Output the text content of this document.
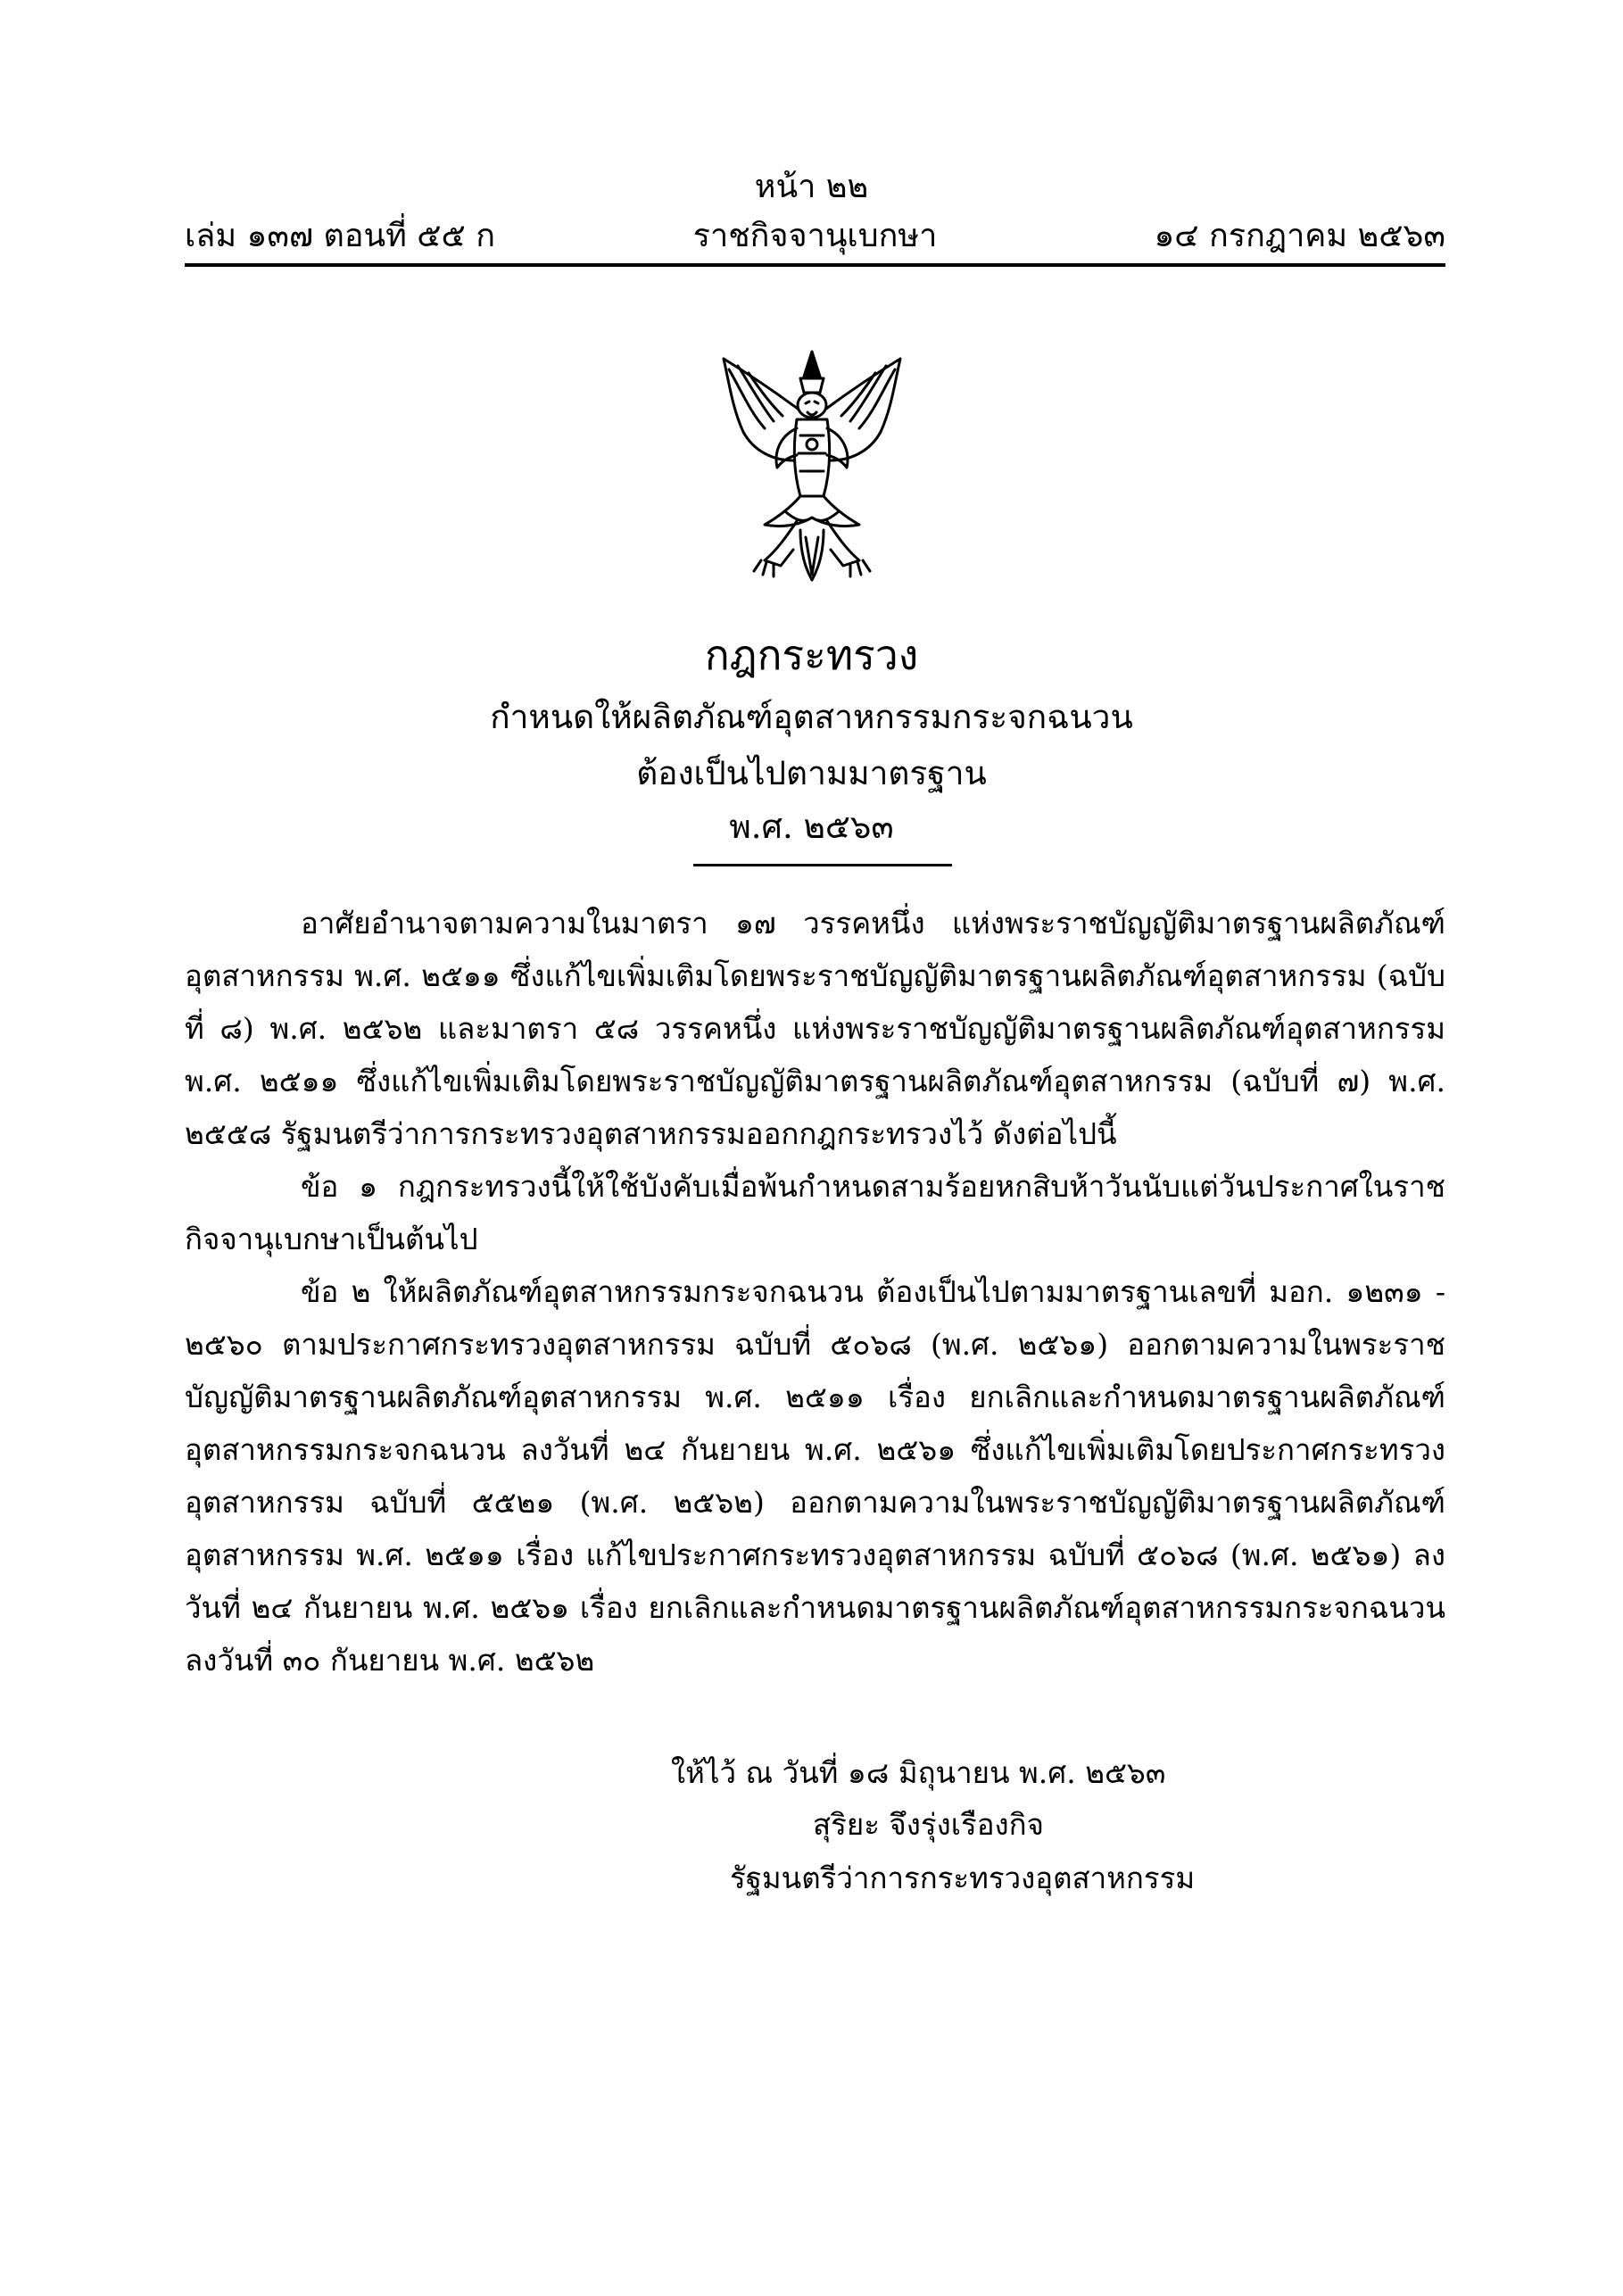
หน้า ๒๒
เล่ม ๑๓๗ ตอนที่ ๕๕ ก	ราชกิจจานุเบกษา	๑๔ กรกฎาคม ๒๕๖๓
กฎกระทรวง
กำหนดให้ผลิตภัณฑ์อุตสาหกรรมกระจกฉนวน
ต้องเป็นไปตามมาตรฐาน
พ.ศ. ๒๕๖๓

อาศัยอำนาจตามความในมาตรา ๑๗ วรรคหนึ่ง แห่งพระราชบัญญัติมาตรฐานผลิตภัณฑ์อุตสาหกรรม พ.ศ. ๒๕๑๑ ซึ่งแก้ไขเพิ่มเติมโดยพระราชบัญญัติมาตรฐานผลิตภัณฑ์อุตสาหกรรม (ฉบับที่ ๘) พ.ศ. ๒๕๖๒ และมาตรา ๕๘ วรรคหนึ่ง แห่งพระราชบัญญัติมาตรฐานผลิตภัณฑ์อุตสาหกรรม พ.ศ. ๒๕๑๑ ซึ่งแก้ไขเพิ่มเติมโดยพระราชบัญญัติมาตรฐานผลิตภัณฑ์อุตสาหกรรม (ฉบับที่ ๗) พ.ศ. ๒๕๕๘ รัฐมนตรีว่าการกระทรวงอุตสาหกรรมออกกฎกระทรวงไว้ ดังต่อไปนี้

ข้อ ๑ กฎกระทรวงนี้ให้ใช้บังคับเมื่อพ้นกำหนดสามร้อยหกสิบห้าวันนับแต่วันประกาศในราชกิจจานุเบกษาเป็นต้นไป

ข้อ ๒ ให้ผลิตภัณฑ์อุตสาหกรรมกระจกฉนวน ต้องเป็นไปตามมาตรฐานเลขที่ มอก. ๑๒๓๑ - ๒๕๖๐ ตามประกาศกระทรวงอุตสาหกรรม ฉบับที่ ๕๐๖๘ (พ.ศ. ๒๕๖๑) ออกตามความในพระราชบัญญัติมาตรฐานผลิตภัณฑ์อุตสาหกรรม พ.ศ. ๒๕๑๑ เรื่อง ยกเลิกและกำหนดมาตรฐานผลิตภัณฑ์อุตสาหกรรมกระจกฉนวน ลงวันที่ ๒๔ กันยายน พ.ศ. ๒๕๖๑ ซึ่งแก้ไขเพิ่มเติมโดยประกาศกระทรวงอุตสาหกรรม ฉบับที่ ๕๕๒๑ (พ.ศ. ๒๕๖๒) ออกตามความในพระราชบัญญัติมาตรฐานผลิตภัณฑ์อุตสาหกรรม พ.ศ. ๒๕๑๑ เรื่อง แก้ไขประกาศกระทรวงอุตสาหกรรม ฉบับที่ ๕๐๖๘ (พ.ศ. ๒๕๖๑) ลงวันที่ ๒๔ กันยายน พ.ศ. ๒๕๖๑ เรื่อง ยกเลิกและกำหนดมาตรฐานผลิตภัณฑ์อุตสาหกรรมกระจกฉนวน ลงวันที่ ๓๐ กันยายน พ.ศ. ๒๕๖๒

ให้ไว้ ณ วันที่ ๑๘ มิถุนายน พ.ศ. ๒๕๖๓
สุริยะ จึงรุ่งเรืองกิจ
รัฐมนตรีว่าการกระทรวงอุตสาหกรรม
